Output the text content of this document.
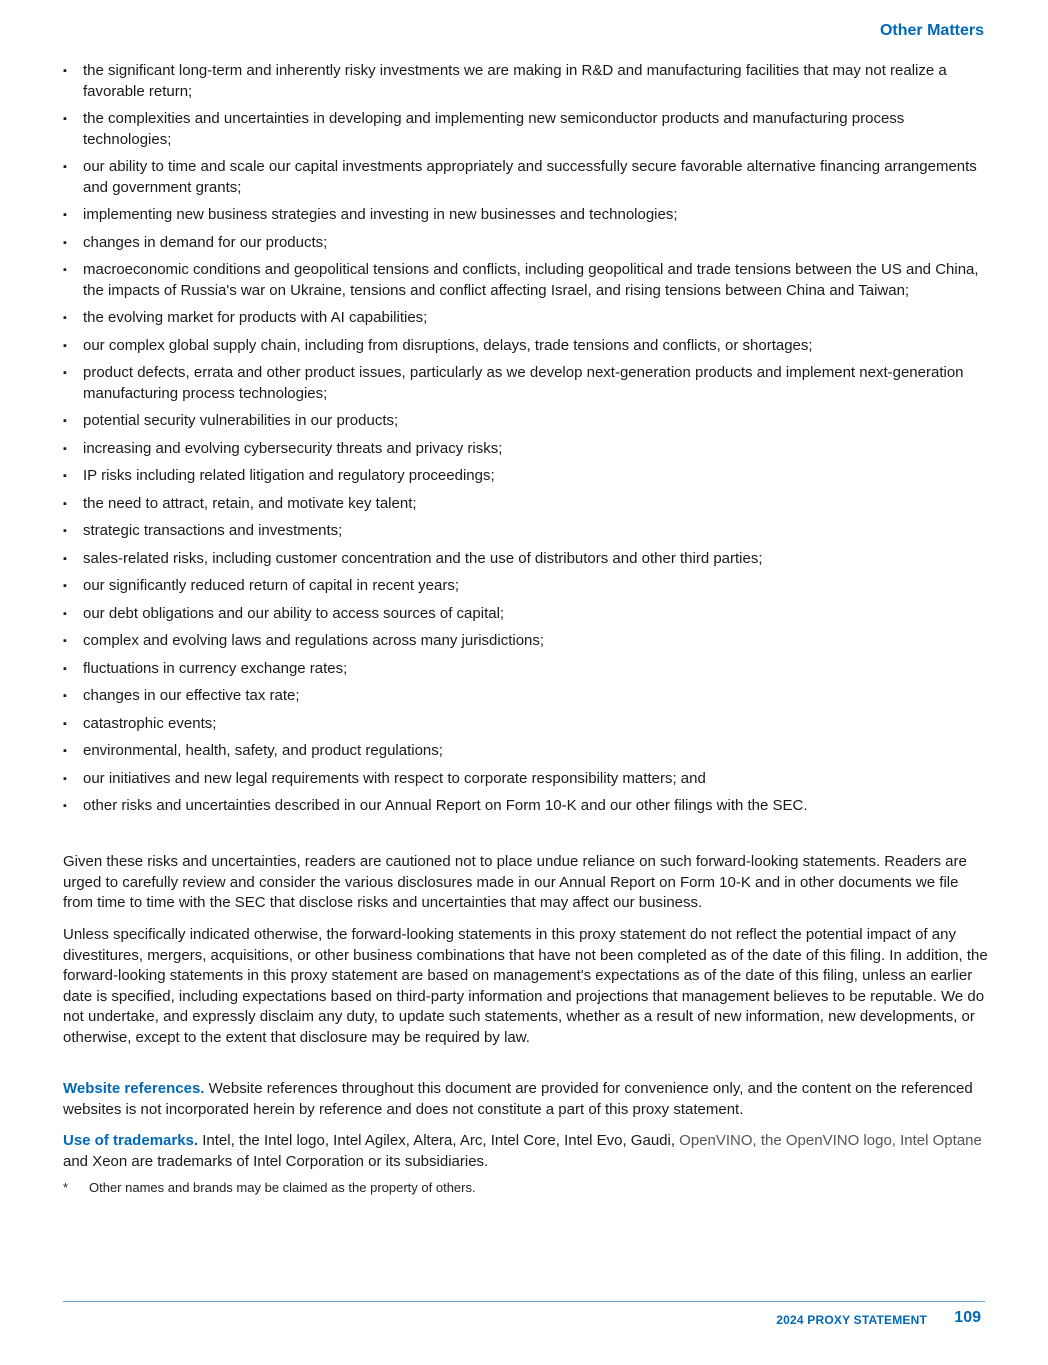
Other Matters
▪ the significant long-term and inherently risky investments we are making in R&D and manufacturing facilities that may not realize a favorable return;
▪ the complexities and uncertainties in developing and implementing new semiconductor products and manufacturing process technologies;
▪ our ability to time and scale our capital investments appropriately and successfully secure favorable alternative financing arrangements and government grants;
▪ implementing new business strategies and investing in new businesses and technologies;
▪ changes in demand for our products;
▪ macroeconomic conditions and geopolitical tensions and conflicts, including geopolitical and trade tensions between the US and China, the impacts of Russia's war on Ukraine, tensions and conflict affecting Israel, and rising tensions between China and Taiwan;
▪ the evolving market for products with AI capabilities;
▪ our complex global supply chain, including from disruptions, delays, trade tensions and conflicts, or shortages;
▪ product defects, errata and other product issues, particularly as we develop next-generation products and implement next-generation manufacturing process technologies;
▪ potential security vulnerabilities in our products;
▪ increasing and evolving cybersecurity threats and privacy risks;
▪ IP risks including related litigation and regulatory proceedings;
▪ the need to attract, retain, and motivate key talent;
▪ strategic transactions and investments;
▪ sales-related risks, including customer concentration and the use of distributors and other third parties;
▪ our significantly reduced return of capital in recent years;
▪ our debt obligations and our ability to access sources of capital;
▪ complex and evolving laws and regulations across many jurisdictions;
▪ fluctuations in currency exchange rates;
▪ changes in our effective tax rate;
▪ catastrophic events;
▪ environmental, health, safety, and product regulations;
▪ our initiatives and new legal requirements with respect to corporate responsibility matters; and
▪ other risks and uncertainties described in our Annual Report on Form 10-K and our other filings with the SEC.

Given these risks and uncertainties, readers are cautioned not to place undue reliance on such forward-looking statements. Readers are urged to carefully review and consider the various disclosures made in our Annual Report on Form 10-K and in other documents we file from time to time with the SEC that disclose risks and uncertainties that may affect our business.

Unless specifically indicated otherwise, the forward-looking statements in this proxy statement do not reflect the potential impact of any divestitures, mergers, acquisitions, or other business combinations that have not been completed as of the date of this filing. In addition, the forward-looking statements in this proxy statement are based on management's expectations as of the date of this filing, unless an earlier date is specified, including expectations based on third-party information and projections that management believes to be reputable. We do not undertake, and expressly disclaim any duty, to update such statements, whether as a result of new information, new developments, or otherwise, except to the extent that disclosure may be required by law.

Website references. Website references throughout this document are provided for convenience only, and the content on the referenced websites is not incorporated herein by reference and does not constitute a part of this proxy statement.

Use of trademarks. Intel, the Intel logo, Intel Agilex, Altera, Arc, Intel Core, Intel Evo, Gaudi, OpenVINO, the OpenVINO logo, Intel Optane and Xeon are trademarks of Intel Corporation or its subsidiaries.

* Other names and brands may be claimed as the property of others.
2024 PROXY STATEMENT 109
